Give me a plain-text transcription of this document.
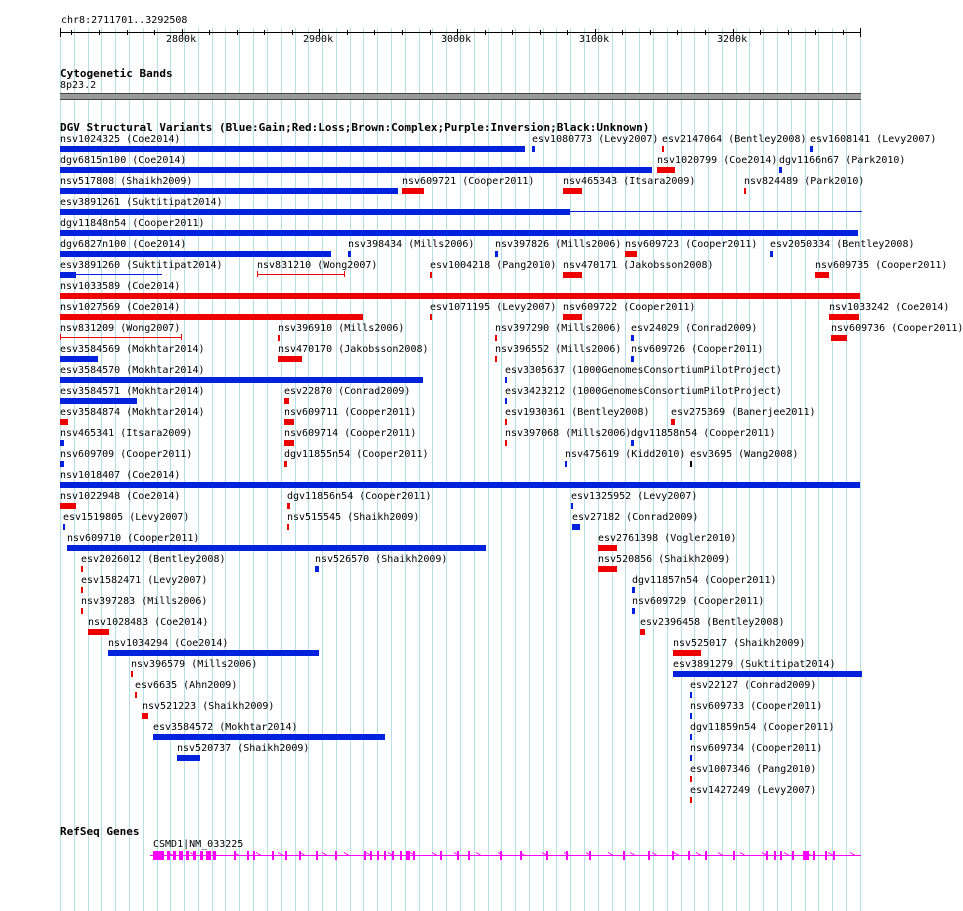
chr8:2711701..3292508
2800k	2900k	3000k	3100k	3200k
Cytogenetic Bands
8p23.2
DGV Structural Variants (Blue:Gain;Red:Loss;Brown:Complex;Purple:Inversion;Black:Unknown)
nsv1024325 (Coe2014)	esv1080773 (Levy2007) esv2147064 (Bentley2008) esv1608141 (Levy2007)
dgv6815n100 (Coe2014)	nsv1020799 (Coe2014) dgv1166n67 (Park2010)
nsv517808 (Shaikh2009)	nsv609721 (Cooper2011)	nsv465343 (Itsara2009)	nsv824489 (Park2010)
esv3891261 (Suktitipat2014)
dgv11848n54 (Cooper2011)
dgv6827n100 (Coe2014)	nsv398434 (Mills2006) nsv397826 (Mills2006) nsv609723 (Cooper2011) esv2050334 (Bentley2008)
esv3891260 (Suktitipat2014)	nsv831210 (Wong2007)	esv1004218 (Pang2010) nsv470171 (Jakobsson2008)	nsv609735 (Cooper2011)
nsv1033589 (Coe2014)
nsv1027569 (Coe2014)	esv1071195 (Levy2007) nsv609722 (Cooper2011)	nsv1033242 (Coe2014)
nsv831209 (Wong2007)	nsv396910 (Mills2006)	nsv397290 (Mills2006) esv24029 (Conrad2009)	nsv609736 (Cooper2011)
esv3584569 (Mokhtar2014)	nsv470170 (Jakobsson2008)	nsv396552 (Mills2006) nsv609726 (Cooper2011)
esv3584570 (Mokhtar2014)	esv3305637 (1000GenomesConsortiumPilotProject)
esv3584571 (Mokhtar2014)	esv22870 (Conrad2009)	esv3423212 (1000GenomesConsortiumPilotProject)
esv3584874 (Mokhtar2014)	nsv609711 (Cooper2011)	esv1930361 (Bentley2008) esv275369 (Banerjee2011)
nsv465341 (Itsara2009)	nsv609714 (Cooper2011)	nsv397068 (Mills2006) dgv11858n54 (Cooper2011)
nsv609709 (Cooper2011)	dgv11855n54 (Cooper2011)	nsv475619 (Kidd2010) esv3695 (Wang2008)
nsv1018407 (Coe2014)
nsv1022948 (Coe2014)	dgv11856n54 (Cooper2011)	esv1325952 (Levy2007)
esv1519805 (Levy2007)	nsv515545 (Shaikh2009)	esv27182 (Conrad2009)
nsv609710 (Cooper2011)	esv2761398 (Vogler2010)
esv2026012 (Bentley2008)	nsv526570 (Shaikh2009)	nsv520856 (Shaikh2009)
esv1582471 (Levy2007)	dgv11857n54 (Cooper2011)
nsv397283 (Mills2006)	nsv609729 (Cooper2011)
nsv1028483 (Coe2014)	esv2396458 (Bentley2008)
nsv1034294 (Coe2014)	nsv525017 (Shaikh2009)
nsv396579 (Mills2006)	esv3891279 (Suktitipat2014)
esv6635 (Ahn2009)	esv22127 (Conrad2009)
nsv521223 (Shaikh2009)	nsv609733 (Cooper2011)
esv3584572 (Mokhtar2014)	dgv11859n54 (Cooper2011)
nsv520737 (Shaikh2009)	nsv609734 (Cooper2011)
esv1007346 (Pang2010)
esv1427249 (Levy2007)
RefSeq Genes
CSMD1|NM_033225
